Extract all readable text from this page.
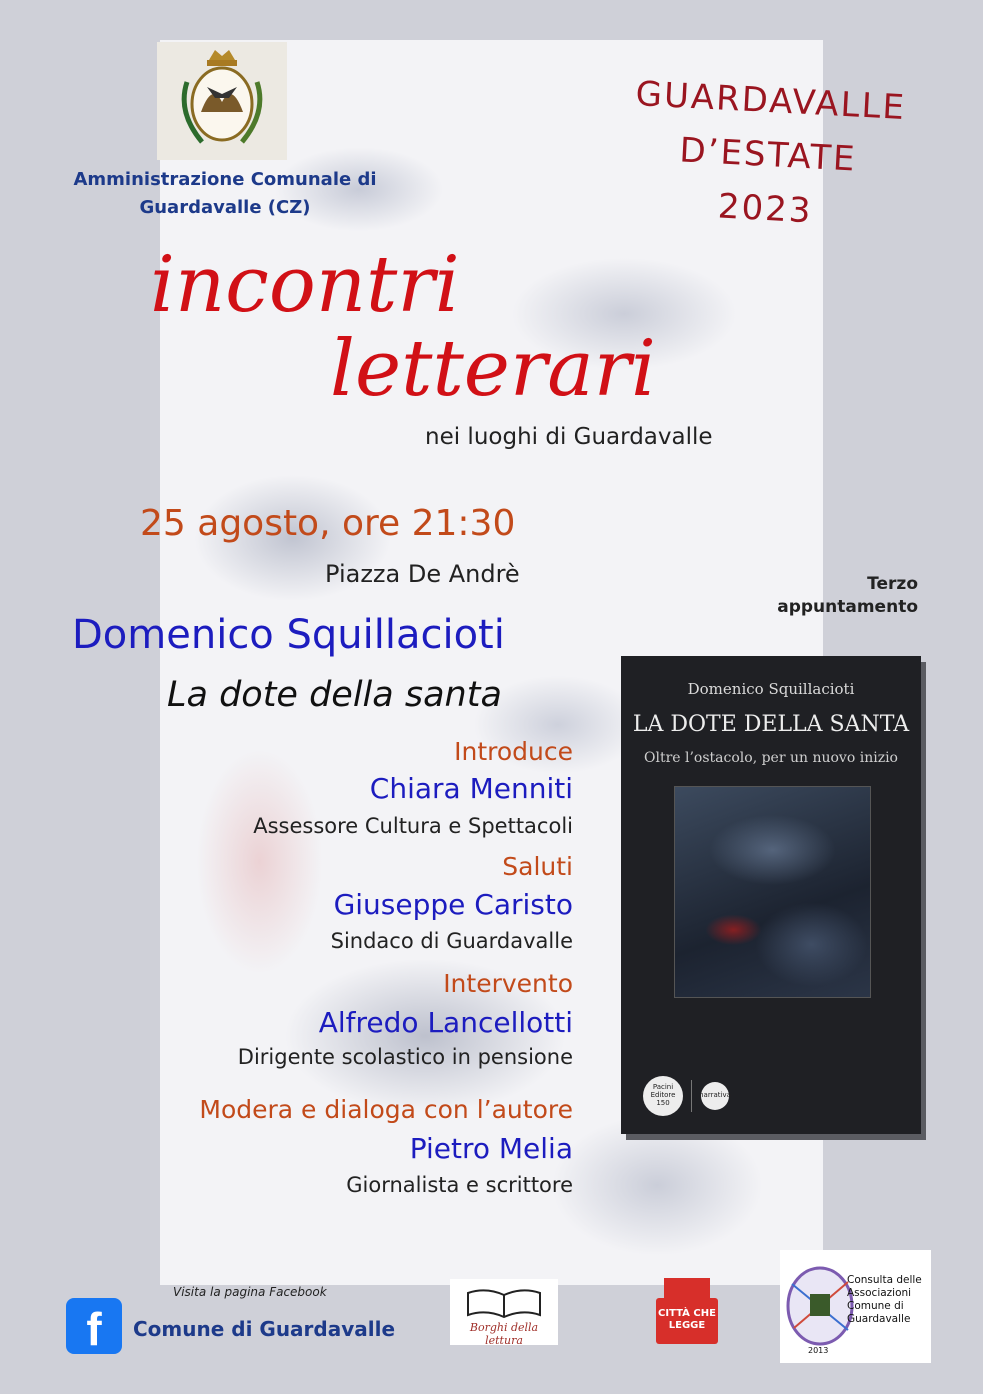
Amministrazione Comunale di
Guardavalle (CZ)
GUARDAVALLE
D’ESTATE
2023
incontri
letterari
nei luoghi di Guardavalle
25 agosto, ore 21:30
Piazza De Andrè	Terzo
appuntamento
Domenico Squillacioti
La dote della santa
Introduce
Chiara Menniti
Assessore Cultura e Spettacoli
Saluti
Giuseppe Caristo
Sindaco di Guardavalle
Intervento
Alfredo Lancellotti
Dirigente scolastico in pensione
Modera e dialoga con l’autore
Pietro Melia
Giornalista e scrittore
Domenico Squillacioti
LA DOTE DELLA SANTA
Oltre l’ostacolo, per un nuovo inizio
Pacini Editore 150
narrativa
Visita la pagina Facebook
f	Comune di Guardavalle	Borghi della lettura
CITTÀ CHE LEGGE
2013
Consulta delle Associazioni Comune di Guardavalle
